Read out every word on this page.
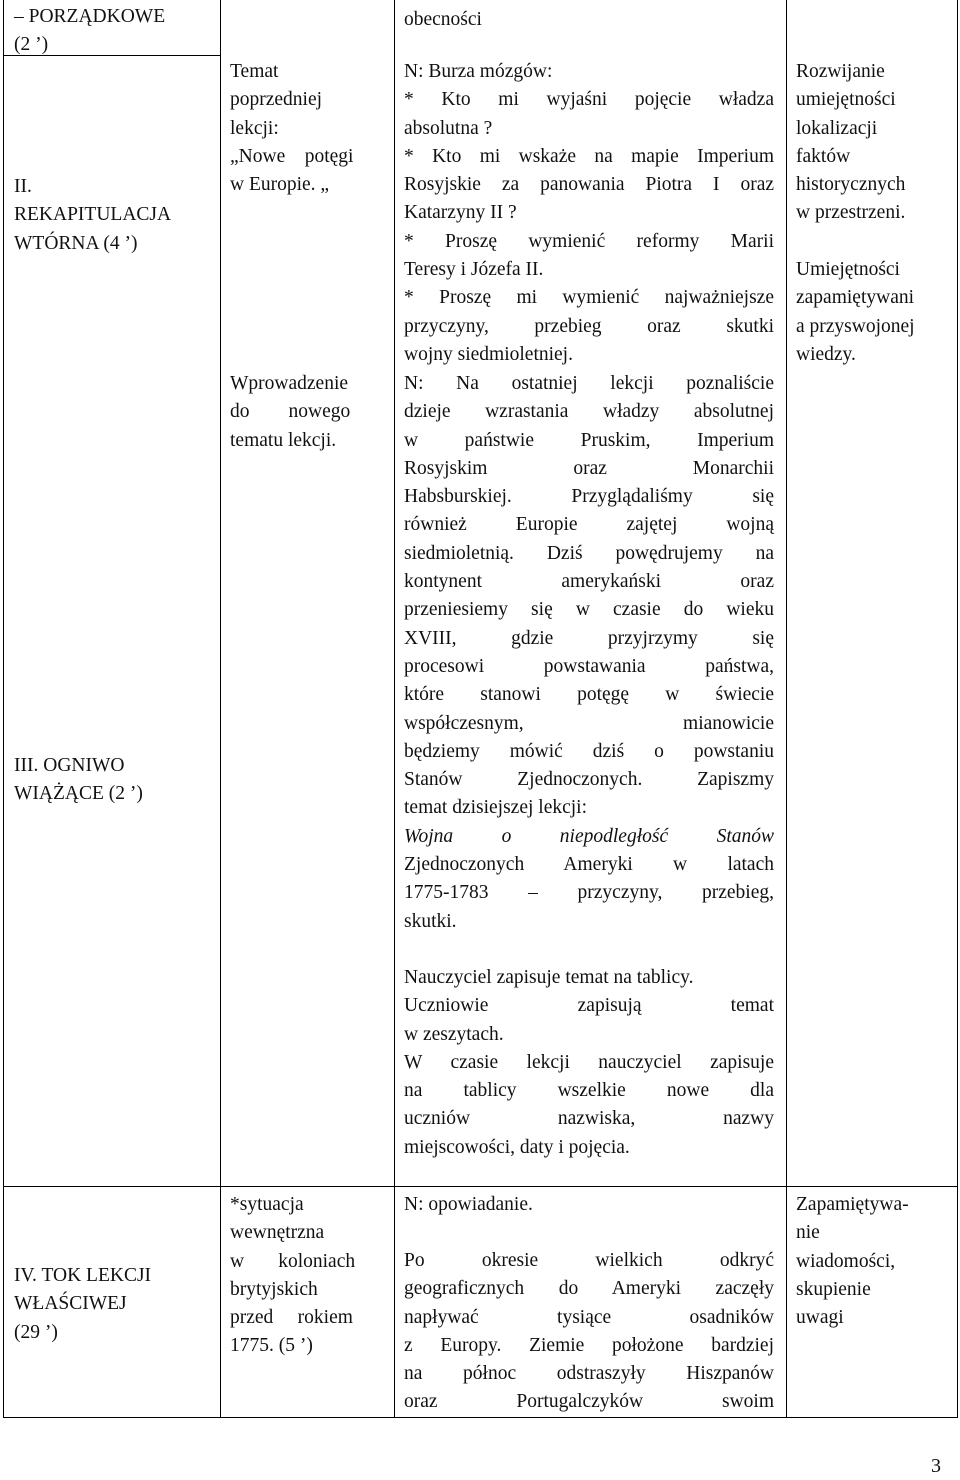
– PORZĄDKOWE
(2 ’)
II.
REKAPITULACJA
WTÓRNA (4 ’)
III. OGNIWO
WIĄŻĄCE (2 ’)
IV. TOK LEKCJI
WŁAŚCIWEJ
(29 ’)
Temat
poprzedniej
lekcji:
„Nowe    potęgi
w Europie. „
Wprowadzenie
do        nowego
tematu lekcji.
*sytuacja
wewnętrzna
w       koloniach
brytyjskich
przed     rokiem
1775. (5 ’)
obecności
N: Burza mózgów:
* Kto mi wyjaśni pojęcie władza
absolutna ?
* Kto mi wskaże na mapie Imperium
Rosyjskie za panowania Piotra I oraz
Katarzyny II ?
* Proszę wymienić reformy Marii
Teresy i Józefa II.
* Proszę mi wymienić najważniejsze
przyczyny, przebieg oraz skutki
wojny siedmioletniej.
N: Na ostatniej lekcji poznaliście
dzieje wzrastania władzy absolutnej
w państwie Pruskim, Imperium
Rosyjskim oraz Monarchii
Habsburskiej. Przyglądaliśmy się
również Europie zajętej wojną
siedmioletnią. Dziś powędrujemy na
kontynent amerykański oraz
przeniesiemy się w czasie do wieku
XVIII, gdzie przyjrzymy się
procesowi powstawania państwa,
które stanowi potęgę w świecie
współczesnym, mianowicie
będziemy mówić dziś o powstaniu
Stanów Zjednoczonych. Zapiszmy
temat dzisiejszej lekcji:
Wojna o niepodległość Stanów
Zjednoczonych Ameryki w latach
1775-1783 – przyczyny, przebieg,
skutki.
Nauczyciel zapisuje temat na tablicy.
Uczniowie zapisują temat
w zeszytach.
W czasie lekcji nauczyciel zapisuje
na tablicy wszelkie nowe dla
uczniów nazwiska, nazwy
miejscowości, daty i pojęcia.
N: opowiadanie.
Po okresie wielkich odkryć
geograficznych do Ameryki zaczęły
napływać tysiące osadników
z Europy. Ziemie położone bardziej
na północ odstraszyły Hiszpanów
oraz Portugalczyków swoim
Rozwijanie
umiejętności
lokalizacji
faktów
historycznych
w przestrzeni.
Umiejętności
zapamiętywani
a przyswojonej
wiedzy.
Zapamiętywa-
nie
wiadomości,
skupienie
uwagi
3
